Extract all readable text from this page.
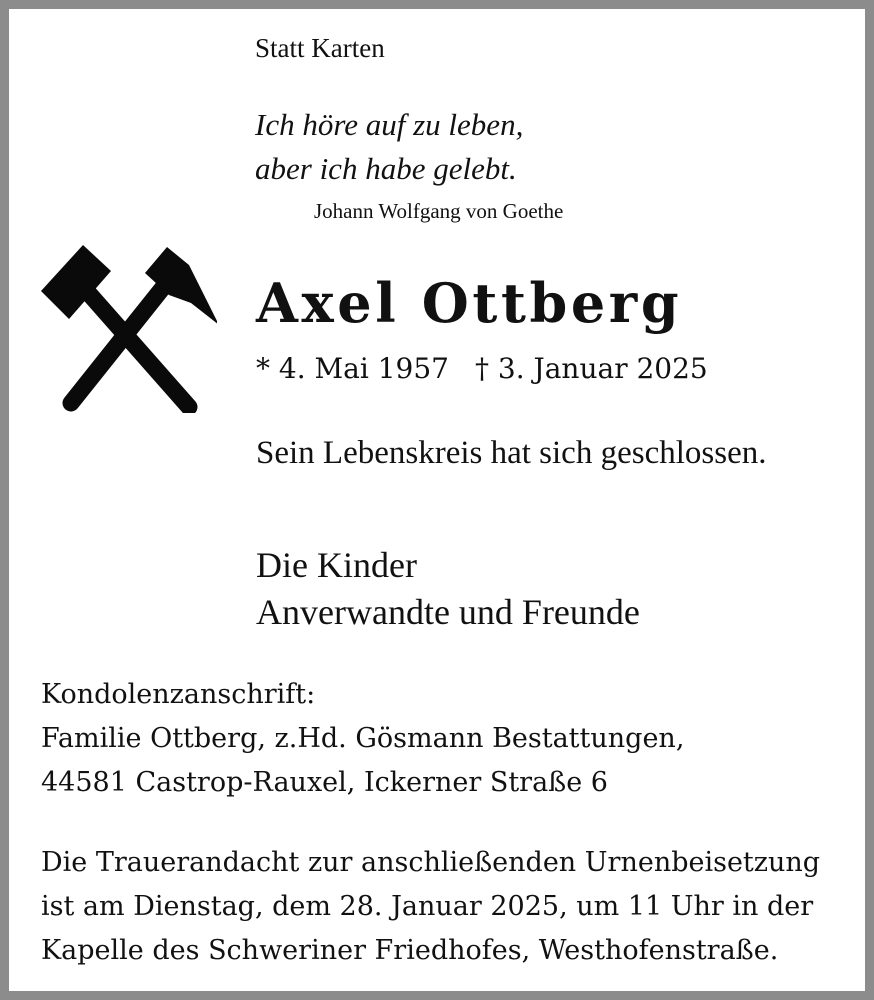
Statt Karten
Ich höre auf zu leben,
aber ich habe gelebt.
Johann Wolfgang von Goethe
Axel Ottberg
* 4. Mai 1957 † 3. Januar 2025
Sein Lebenskreis hat sich geschlossen.
Die Kinder
Anverwandte und Freunde
Kondolenzanschrift:
Familie Ottberg, z.Hd. Gösmann Bestattungen,
44581 Castrop-Rauxel, Ickerner Straße 6
Die Trauerandacht zur anschließenden Urnenbeisetzung
ist am Dienstag, dem 28. Januar 2025, um 11 Uhr in der
Kapelle des Schweriner Friedhofes, Westhofenstraße.
